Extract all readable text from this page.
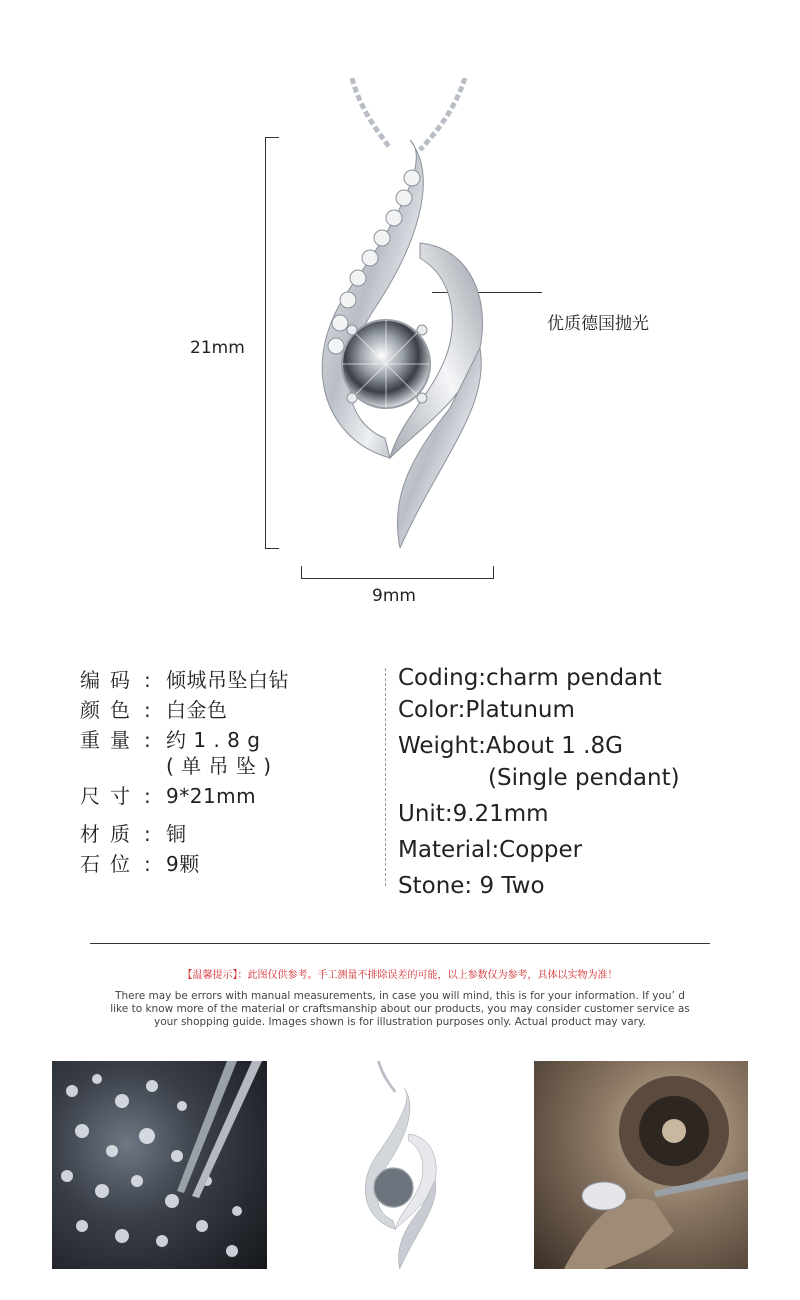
21mm
9mm
优质德国抛光
编码 : 倾城吊坠白钻
颜色 : 白金色
重量 : 约 1 . 8 g
( 单 吊 坠 )
尺寸 : 9*21mm
材质 : 铜
石位 : 9颗
Coding:charm pendant
Color:Platunum
Weight:About 1 .8G
(Single pendant)
Unit:9.21mm
Material:Copper
Stone: 9 Two
【温馨提示】：此图仅供参考。手工测量不排除误差的可能，以上参数仅为参考，具体以实物为准！
There may be errors with manual measurements, in case you will mind, this is for your information. If you’ d like to know more of the material or craftsmanship about our products, you may consider customer service as your shopping guide. Images shown is for illustration purposes only. Actual product may vary.
